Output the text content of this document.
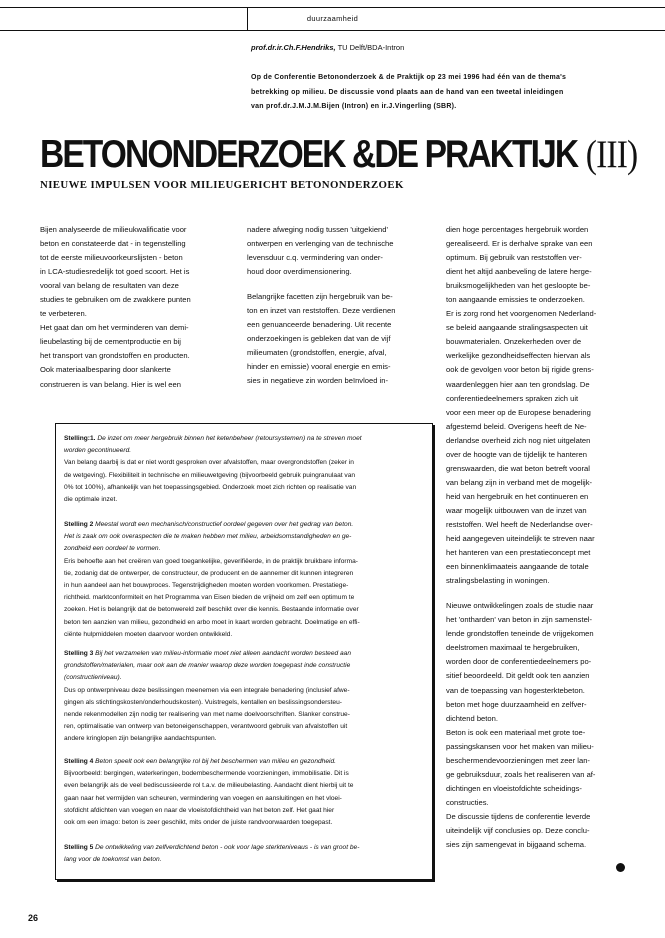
duurzaamheid
prof.dr.ir.Ch.F.Hendriks, TU Delft/BDA-Intron
Op de Conferentie Betononderzoek & de Praktijk op 23 mei 1996 had één van de thema's
betrekking op milieu. De discussie vond plaats aan de hand van een tweetal inleidingen
van prof.dr.J.M.J.M.Bijen (Intron) en ir.J.Vingerling (SBR).
BETONONDERZOEK &DE PRAKTIJK (III)
NIEUWE IMPULSEN VOOR MILIEUGERICHT BETONONDERZOEK

Bijen analyseerde de milieukwalificatie voor

beton en constateerde dat - in tegenstelling

tot de eerste milieuvoorkeurslijsten - beton

in LCA-studiesredelijk tot goed scoort. Het is

vooral van belang de resultaten van deze

studies te gebruiken om de zwakkere punten

te verbeteren.

Het gaat dan om het verminderen van demi-

lieubelasting bij de cementproductie en bij

het transport van grondstoffen en producten.

Ook materiaalbesparing door slankerte

construeren is van belang. Hier is wel een

nadere afweging nodig tussen 'uitgekiend'

ontwerpen en verlenging van de technische

levensduur c.q. vermindering van onder-

houd door overdimensionering.

Belangrijke facetten zijn hergebruik van be-

ton en inzet van reststoffen. Deze verdienen

een genuanceerde benadering. Uit recente

onderzoekingen is gebleken dat van de vijf

milieumaten (grondstoffen, energie, afval,

hinder en emissie) vooral energie en emis-

sies in negatieve zin worden beïnvloed in-

dien hoge percentages hergebruik worden

gerealiseerd. Er is derhalve sprake van een

optimum. Bij gebruik van reststoffen ver-

dient het altijd aanbeveling de latere herge-

bruiksmogelijkheden van het gesloopte be-

ton aangaande emissies te onderzoeken.

Er is zorg rond het voorgenomen Nederland-

se beleid aangaande stralingsaspecten uit

bouwmaterialen. Onzekerheden over de

werkelijke gezondheidseffecten hiervan als

ook de gevolgen voor beton bij rigide grens-

waardenleggen hier aan ten grondslag. De

conferentiedeelnemers spraken zich uit

voor een meer op de Europese benadering

afgestemd beleid. Overigens heeft de Ne-

derlandse overheid zich nog niet uitgelaten

over de hoogte van de tijdelijk te hanteren

grenswaarden, die wat beton betreft vooral

van belang zijn in verband met de mogelijk-

heid van hergebruik en het continueren en

waar mogelijk uitbouwen van de inzet van

reststoffen. Wel heeft de Nederlandse over-

heid aangegeven uiteindelijk te streven naar

het hanteren van een prestatieconcept met

een binnenklimaateis aangaande de totale

stralingsbelasting in woningen.

Nieuwe ontwikkelingen zoals de studie naar

het 'ontharden' van beton in zijn samenstel-

lende grondstoffen teneinde de vrijgekomen

deelstromen maximaal te hergebruiken,

worden door de conferentiedeelnemers po-

sitief beoordeeld. Dit geldt ook ten aanzien

van de toepassing van hogesterktebeton.

beton met hoge duurzaamheid en zelfver-

dichtend beton.

Beton is ook een materiaal met grote toe-

passingskansen voor het maken van milieu-

beschermendevoorzieningen met zeer lan-

ge gebruiksduur, zoals het realiseren van af-

dichtingen en vloeistofdichte scheidings-

constructies.

De discussie tijdens de conferentie leverde

uiteindelijk vijf conclusies op. Deze conclu-

sies zijn samengevat in bijgaand schema.

Stelling:1. De inzet om meer hergebruik binnen het ketenbeheer (retoursystemen) na te streven moet

worden gecontinueerd.

Van belang daarbij is dat er niet wordt gesproken over afvalstoffen, maar overgrondstoffen (zeker in

de wetgeving). Flexibiliteit in technische en milieuwetgeving (bijvoorbeeld gebruik puingranulaat van

0% tot 100%), afhankelijk van het toepassingsgebied. Onderzoek moet zich richten op realisatie van

die optimale inzet.

Stelling 2 Meestal wordt een mechanisch/constructief oordeel gegeven over het gedrag van beton.

Het is zaak om ook overaspecten die te maken hebben met milieu, arbeidsomstandigheden en ge-

zondheid een oordeel te vormen.

Eris behoefte aan het creëren van goed toegankelijke, geverifiëerde, in de praktijk bruikbare informa-

tie, zodanig dat de ontwerper, de constructeur, de producent en de aannemer dit kunnen integreren

in hun aandeel aan het bouwproces. Tegenstrijdigheden moeten worden voorkomen. Prestatiege-

richtheid. marktconformiteit en het Programma van Eisen bieden de vrijheid om zelf een optimum te

zoeken. Het is belangrijk dat de betonwereld zelf beschikt over die kennis. Bestaande informatie over

beton ten aanzien van milieu, gezondheid en arbo moet in kaart worden gebracht. Doelmatige en effi-

ciënte hulpmiddelen moeten daarvoor worden ontwikkeld.

Stelling 3 Bij het verzamelen van milieu-informatie moet niet alleen aandacht worden besteed aan

grondstoffen/materialen, maar ook aan de manier waarop deze worden toegepast inde constructie

(constructieniveau).

Dus op ontwerpniveau deze beslissingen meenemen via een integrale benadering (inclusief afwe-

gingen als stichtingskosten/onderhoudskosten). Vuistregels, kentallen en beslissingsondersteu-

nende rekenmodellen zijn nodig ter realisering van met name doelvoorschriften. Slanker construe-

ren, optimalisatie van ontwerp van betoneigenschappen, verantwoord gebruik van afvalstoffen uit

andere kringlopen zijn belangrijke aandachtspunten.

Stelling 4 Beton speelt ook een belangrijke rol bij het beschermen van milieu en gezondheid.

Bijvoorbeeld: bergingen, waterkeringen, bodembeschermende voorzieningen, immobilisatie. Dit is

even belangrijk als de veel bediscussieerde rol t.a.v. de milieubelasting. Aandacht dient hierbij uit te

gaan naar het vermijden van scheuren, vermindering van voegen en aansluitingen en het vloei-

stofdicht afdichten van voegen en naar de vloeistofdichtheid van het beton zelf. Het gaat hier

ook om een imago: beton is zeer geschikt, mits onder de juiste randvoorwaarden toegepast.

Stelling 5 De ontwikkeling van zelfverdichtend beton - ook voor lage sterkteniveaus - is van groot be-

lang voor de toekomst van beton.

26
